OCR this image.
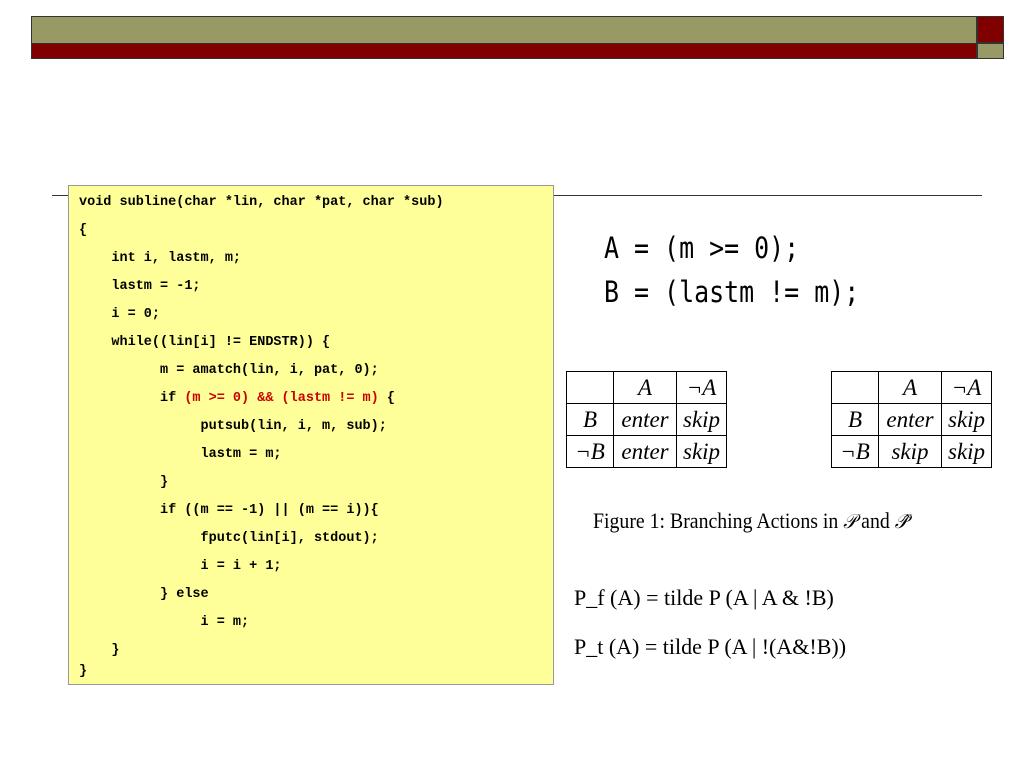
void subline(char *lin, char *pat, char *sub)
{
int i, lastm, m;
lastm = -1;
i = 0;
while((lin[i] != ENDSTR)) {
m = amatch(lin, i, pat, 0);
if (m >= 0) && (lastm != m) {
putsub(lin, i, m, sub);
lastm = m;
}
if ((m == -1) || (m == i)){
fputc(lin[i], stdout);
i = i + 1;
} else
i = m;
}
}
A = (m >= 0);
B = (lastm != m);
	A	¬A
B	enter	skip
¬B	enter	skip
	A	¬A
B	enter	skip
¬B	skip	skip
Figure 1: Branching Actions in 𝒫 and 𝒫̂
P_f (A) = tilde P (A | A & !B)
P_t (A) = tilde P (A | !(A&!B))
